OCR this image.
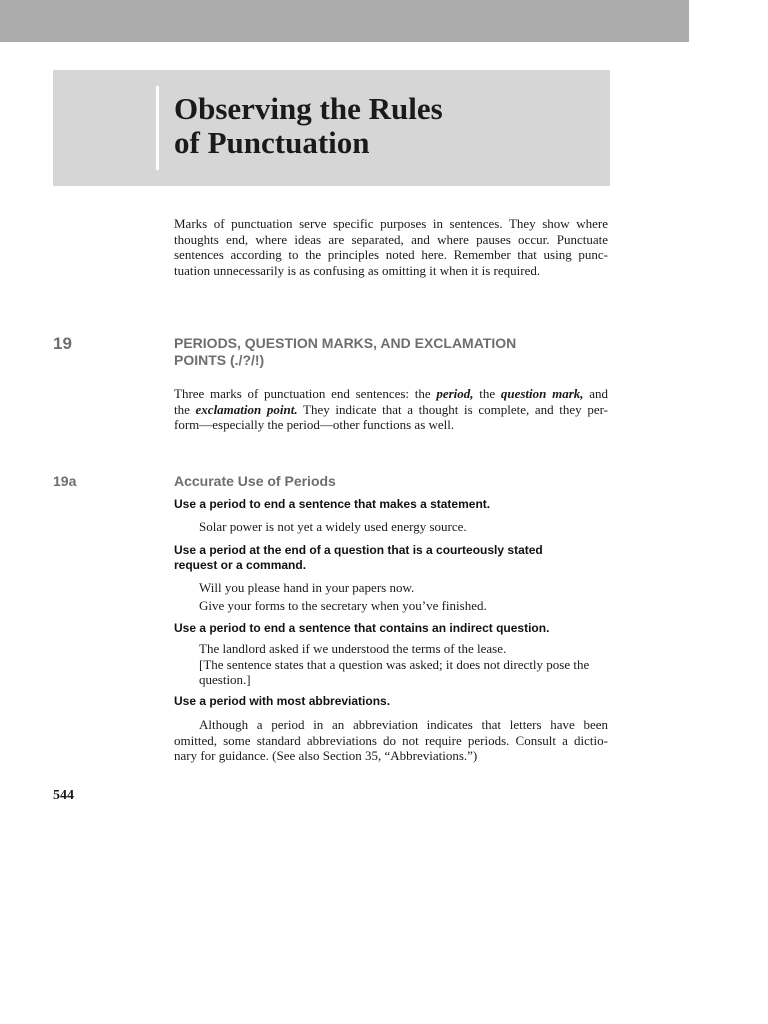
Observing the Rules
of Punctuation
Marks of punctuation serve specific purposes in sentences. They show where
thoughts end, where ideas are separated, and where pauses occur. Punctuate
sentences according to the principles noted here. Remember that using punc-
tuation unnecessarily is as confusing as omitting it when it is required.

19	PERIODS, QUESTION MARKS, AND EXCLAMATION
POINTS (./?/!)
Three marks of punctuation end sentences: the period, the question mark, and
the exclamation point. They indicate that a thought is complete, and they per-
form—especially the period—other functions as well.

19a	Accurate Use of Periods

Use a period to end a sentence that makes a statement.

Solar power is not yet a widely used energy source.
Use a period at the end of a question that is a courteously stated
request or a command.
Will you please hand in your papers now.
Give your forms to the secretary when you’ve finished.

Use a period to end a sentence that contains an indirect question.

The landlord asked if we understood the terms of the lease.
[The sentence states that a question was asked; it does not directly pose the
question.]

Use a period with most abbreviations.

Although a period in an abbreviation indicates that letters have been
omitted, some standard abbreviations do not require periods. Consult a dictio-
nary for guidance. (See also Section 35, “Abbreviations.”)

544
